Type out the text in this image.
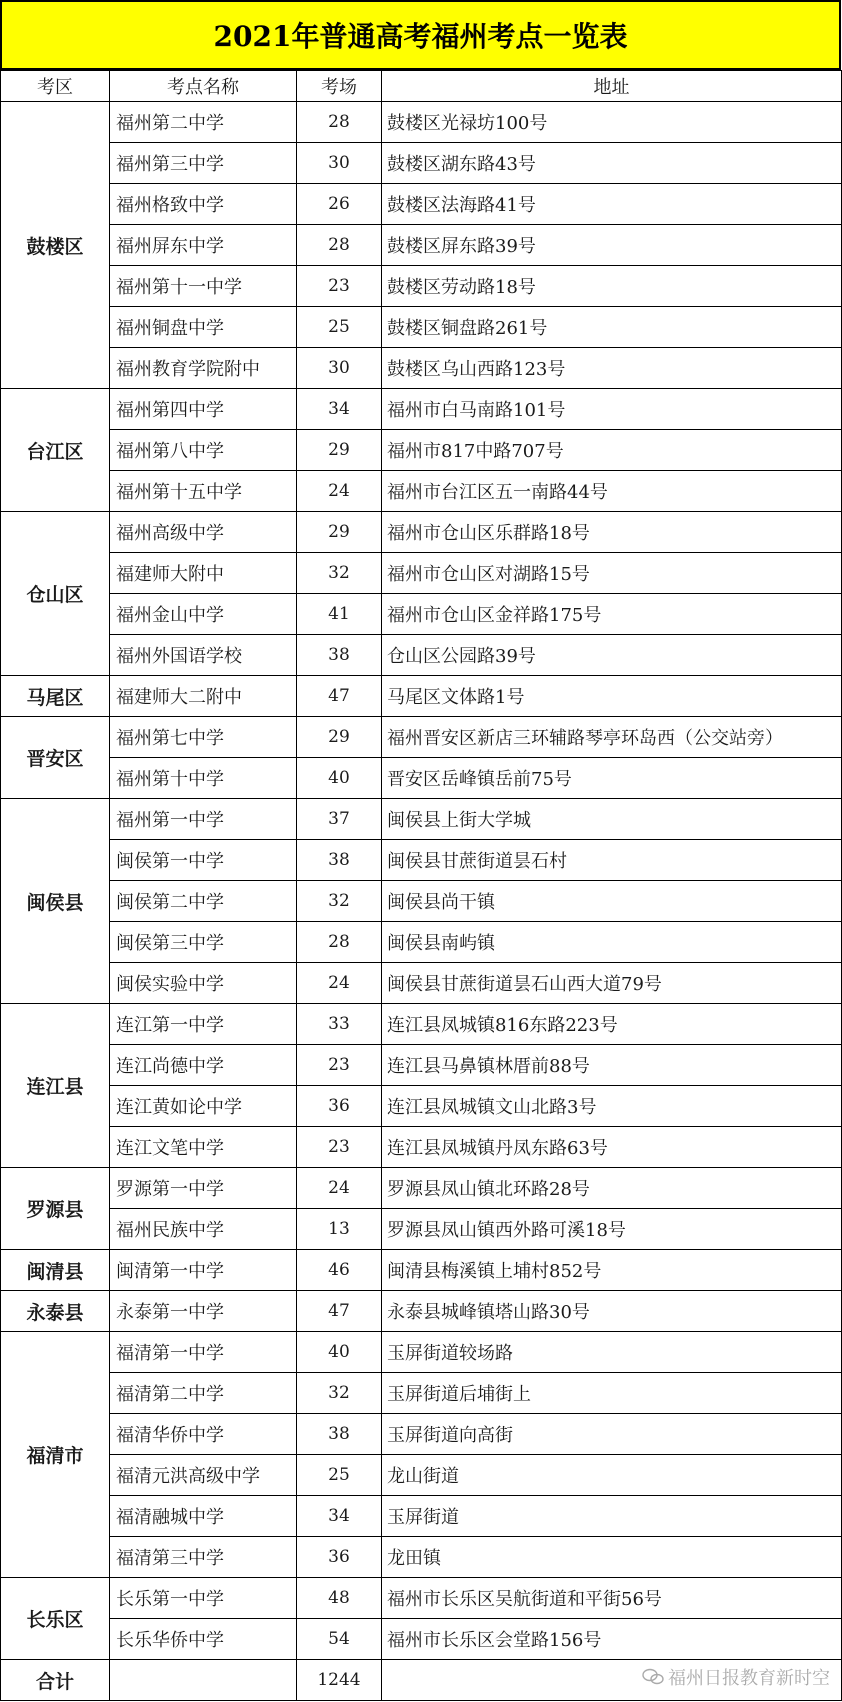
2021年普通高考福州考点一览表
考区	考点名称	考场	地址
鼓楼区	福州第二中学	28	鼓楼区光禄坊100号
	福州第三中学	30	鼓楼区湖东路43号
	福州格致中学	26	鼓楼区法海路41号
	福州屏东中学	28	鼓楼区屏东路39号
	福州第十一中学	23	鼓楼区劳动路18号
	福州铜盘中学	25	鼓楼区铜盘路261号
	福州教育学院附中	30	鼓楼区乌山西路123号
台江区	福州第四中学	34	福州市白马南路101号
	福州第八中学	29	福州市817中路707号
	福州第十五中学	24	福州市台江区五一南路44号
仓山区	福州高级中学	29	福州市仓山区乐群路18号
	福建师大附中	32	福州市仓山区对湖路15号
	福州金山中学	41	福州市仓山区金祥路175号
	福州外国语学校	38	仓山区公园路39号
马尾区	福建师大二附中	47	马尾区文体路1号
晋安区	福州第七中学	29	福州晋安区新店三环辅路琴亭环岛西（公交站旁）
	福州第十中学	40	晋安区岳峰镇岳前75号
闽侯县	福州第一中学	37	闽侯县上街大学城
	闽侯第一中学	38	闽侯县甘蔗街道昙石村
	闽侯第二中学	32	闽侯县尚干镇
	闽侯第三中学	28	闽侯县南屿镇
	闽侯实验中学	24	闽侯县甘蔗街道昙石山西大道79号
连江县	连江第一中学	33	连江县凤城镇816东路223号
	连江尚德中学	23	连江县马鼻镇林厝前88号
	连江黄如论中学	36	连江县凤城镇文山北路3号
	连江文笔中学	23	连江县凤城镇丹凤东路63号
罗源县	罗源第一中学	24	罗源县凤山镇北环路28号
	福州民族中学	13	罗源县凤山镇西外路可溪18号
闽清县	闽清第一中学	46	闽清县梅溪镇上埔村852号
永泰县	永泰第一中学	47	永泰县城峰镇塔山路30号
福清市	福清第一中学	40	玉屏街道较场路
	福清第二中学	32	玉屏街道后埔街上
	福清华侨中学	38	玉屏街道向高街
	福清元洪高级中学	25	龙山街道
	福清融城中学	34	玉屏街道
	福清第三中学	36	龙田镇
长乐区	长乐第一中学	48	福州市长乐区吴航街道和平街56号
	长乐华侨中学	54	福州市长乐区会堂路156号
合计		1244		福州日报教育新时空
